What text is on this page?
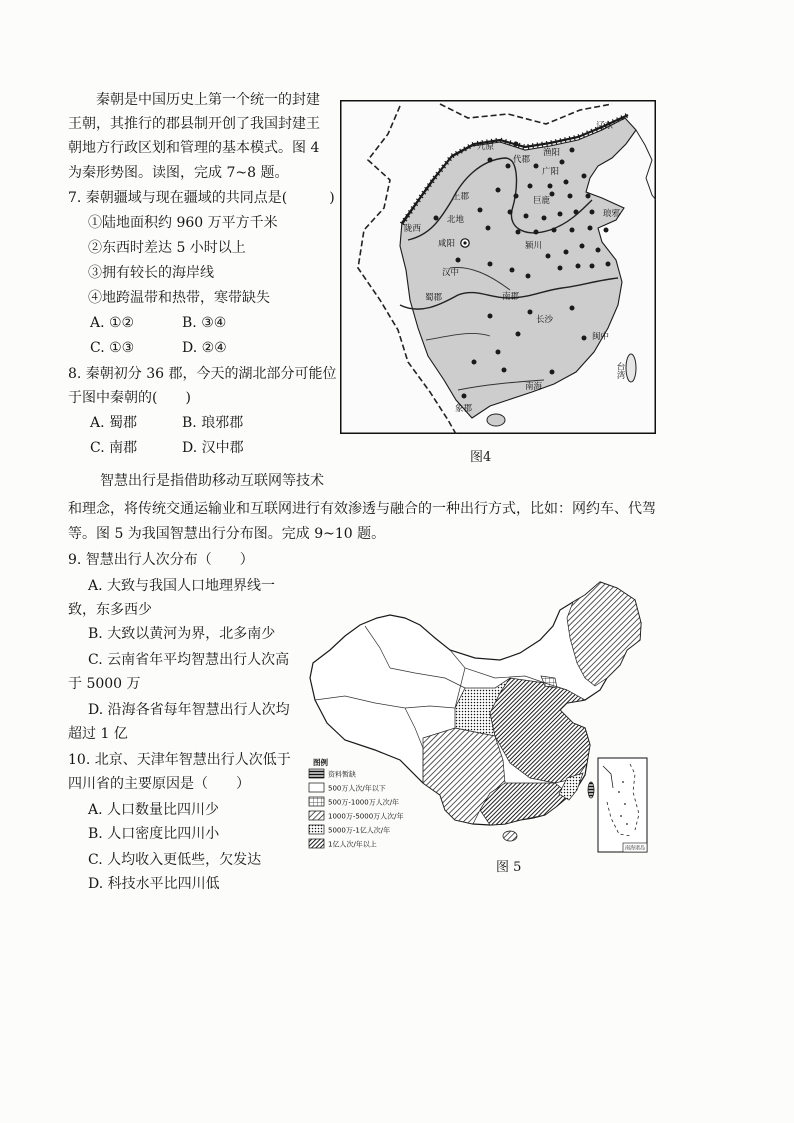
秦朝是中国历史上第一个统一的封建
王朝，其推行的郡县制开创了我国封建王
朝地方行政区划和管理的基本模式。图 4
为秦形势图。读图，完成 7~8 题。
7. 秦朝疆域与现在疆域的共同点是(　　　)
①陆地面积约 960 万平方千米
②东西时差达 5 小时以上
③拥有较长的海岸线
④地跨温带和热带，寒带缺失
A. ①②	B. ③④
C. ①③	D. ②④
8. 秦朝初分 36 郡，今天的湖北部分可能位
于图中秦朝的(　　)
A. 蜀郡	B. 琅邪郡
C. 南郡	D. 汉中郡
辽东
九原
代郡
渔阳
广阳
上郡	巨鹿
北地
陇西
琅邪
咸阳	颍川
汉中
蜀郡	南郡
长沙
闽中
台湾
南海
象郡
图4
智慧出行是指借助移动互联网等技术
和理念，将传统交通运输业和互联网进行有效渗透与融合的一种出行方式，比如：网约车、代驾
等。图 5 为我国智慧出行分布图。完成 9~10 题。
9. 智慧出行人次分布（　　）
A. 大致与我国人口地理界线一
致，东多西少
B. 大致以黄河为界，北多南少
C. 云南省年平均智慧出行人次高
于 5000 万
D. 沿海各省每年智慧出行人次均
超过 1 亿
10. 北京、天津年智慧出行人次低于
四川省的主要原因是（　　）
A. 人口数量比四川少
B. 人口密度比四川小
C. 人均收入更低些，欠发达
D. 科技水平比四川低
图例
资料暂缺
500万人次/年以下
500万-1000万人次/年
1000万-5000万人次/年
5000万-1亿人次/年
1亿人次/年以上	南海诸岛
图 5
